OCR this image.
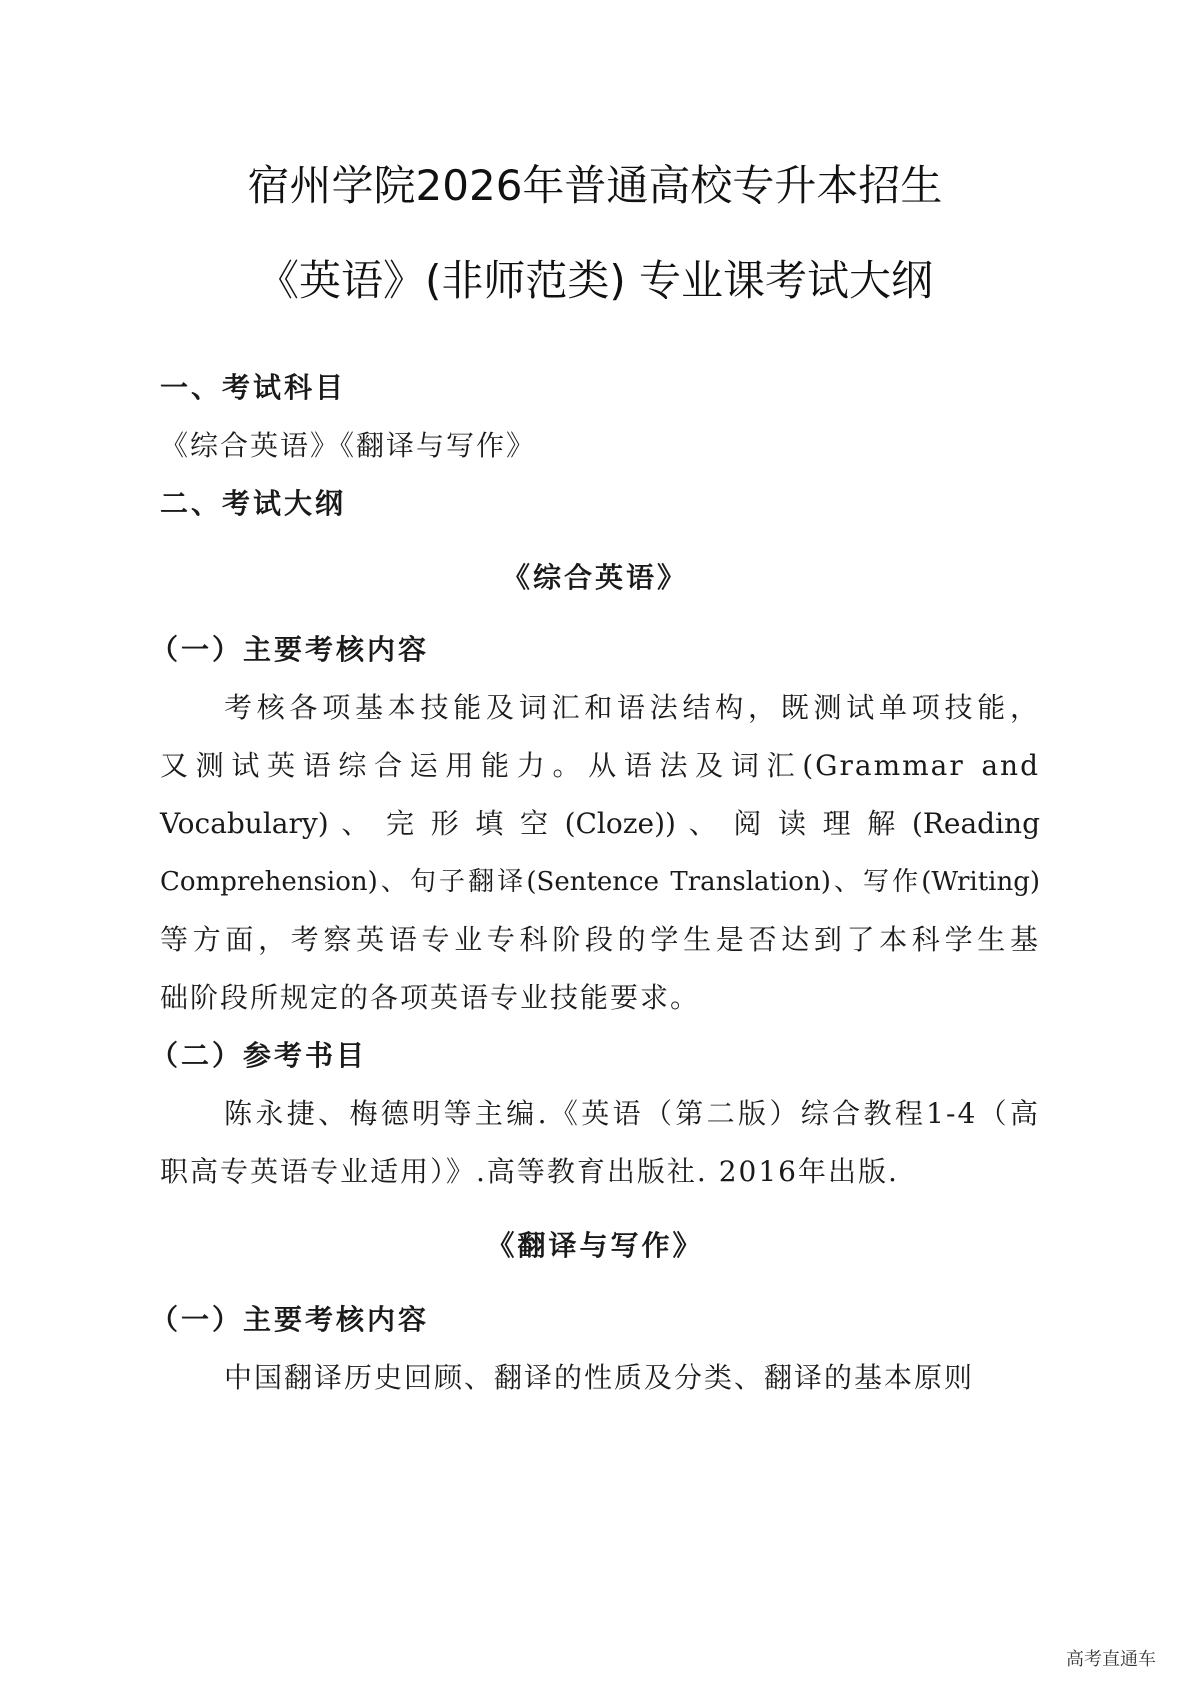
宿州学院2026年普通高校专升本招生
《英语》(非师范类) 专业课考试大纲
一、考试科目
《综合英语》《翻译与写作》
二、考试大纲
《综合英语》
（一）主要考核内容
考核各项基本技能及词汇和语法结构，既测试单项技能，
又测试英语综合运用能力。从语法及词汇(Grammar and
Vocabulary) 、 完 形 填 空 (Cloze)) 、 阅 读 理 解 (Reading
Comprehension)、句子翻译(Sentence Translation)、写作(Writing)
等方面，考察英语专业专科阶段的学生是否达到了本科学生基
础阶段所规定的各项英语专业技能要求。
（二）参考书目
陈永捷、梅德明等主编.《英语（第二版）综合教程1-4（高
职高专英语专业适用）》.高等教育出版社. 2016年出版.
《翻译与写作》
（一）主要考核内容
中国翻译历史回顾、翻译的性质及分类、翻译的基本原则
高考直通车
